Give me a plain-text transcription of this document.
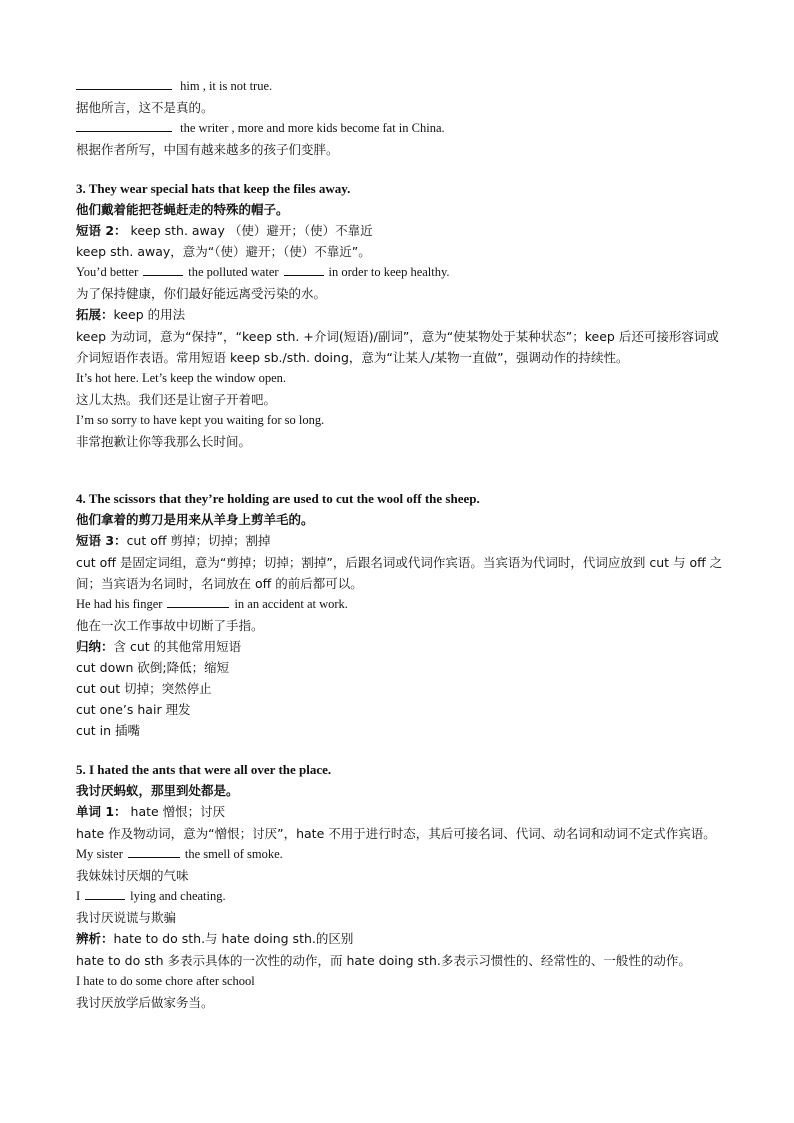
him , it is not true.
据他所言，这不是真的。
the writer , more and more kids become fat in China.
根据作者所写，中国有越来越多的孩子们变胖。
3. They wear special hats that keep the files away.
他们戴着能把苍蝇赶走的特殊的帽子。
短语 2： keep sth. away （使）避开；（使）不靠近
keep sth. away，意为“（使）避开；（使）不靠近”。
You’d better	the polluted water	in order to keep healthy.
为了保持健康，你们最好能远离受污染的水。
拓展：keep 的用法
keep 为动词，意为“保持”，“keep sth. +介词(短语)/副词”，意为“使某物处于某种状态”；keep 后还可接形容词或介词短语作表语。常用短语 keep sb./sth. doing，意为“让某人/某物一直做”，强调动作的持续性。
It’s hot here. Let’s keep the window open.
这儿太热。我们还是让窗子开着吧。
I’m so sorry to have kept you waiting for so long.
非常抱歉让你等我那么长时间。
4. The scissors that they’re holding are used to cut the wool off the sheep.
他们拿着的剪刀是用来从羊身上剪羊毛的。
短语 3：cut off 剪掉；切掉；割掉
cut off 是固定词组，意为“剪掉；切掉；割掉”，后跟名词或代词作宾语。当宾语为代词时，代词应放到 cut 与 off 之间；当宾语为名词时，名词放在 off 的前后都可以。
He had his finger	in an accident at work.
他在一次工作事故中切断了手指。
归纳：含 cut 的其他常用短语
cut down 砍倒;降低；缩短
cut out 切掉；突然停止
cut one’s hair 理发
cut in 插嘴
5. I hated the ants that were all over the place.
我讨厌蚂蚁，那里到处都是。
单词 1： hate 憎恨；讨厌
hate 作及物动词，意为“憎恨；讨厌”，hate 不用于进行时态，其后可接名词、代词、动名词和动词不定式作宾语。
My sister	the smell of smoke.
我妹妹讨厌烟的气味
I	lying and cheating.
我讨厌说谎与欺骗
辨析：hate to do sth.与 hate doing sth.的区别
hate to do sth 多表示具体的一次性的动作，而 hate doing sth.多表示习惯性的、经常性的、一般性的动作。
I hate to do some chore after school
我讨厌放学后做家务当。
